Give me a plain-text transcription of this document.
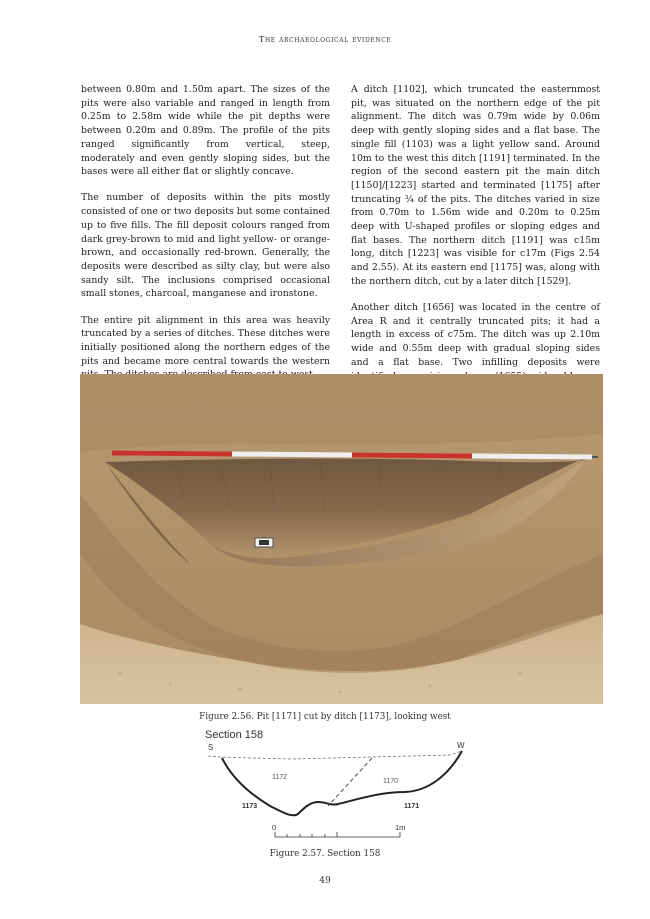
The archaeological evidence

between 0.80m and 1.50m apart. The sizes of the pits were also variable and ranged in length from 0.25m to 2.58m wide while the pit depths were between 0.20m and 0.89m. The profile of the pits ranged significantly from vertical, steep, moderately and even gently sloping sides, but the bases were all either flat or slightly concave.

The number of deposits within the pits mostly consisted of one or two deposits but some contained up to five fills. The fill deposit colours ranged from dark grey-brown to mid and light yellow- or orange-brown, and occasionally red-brown. Generally, the deposits were described as silty clay, but were also sandy silt. The inclusions comprised occasional small stones, charcoal, manganese and ironstone.

The entire pit alignment in this area was heavily truncated by a series of ditches. These ditches were initially positioned along the northern edges of the pits and became more central towards the western

A ditch [1102], which truncated the easternmost pit, was situated on the northern edge of the pit alignment. The ditch was 0.79m wide by 0.06m deep with gently sloping sides and a flat base. The single fill (1103) was a light yellow sand. Around 10m to the west this ditch [1191] terminated. In the region of the second eastern pit the main ditch [1150]/[1223] started and terminated [1175] after truncating ¾ of the pits. The ditches varied in size from 0.70m to 1.56m wide and 0.20m to 0.25m deep with U-shaped profiles or sloping edges and flat bases. The northern ditch [1191] was c15m long, ditch [1223] was visible for c17m (Figs 2.54 and 2.55). At its eastern end [1175] was, along with the northern ditch, cut by a later ditch [1529].

Another ditch [1656] was located in the centre of Area R and it centrally truncated pits; it had a length in excess of c75m. The ditch was up 2.10m wide and 0.55m deep with gradual sloping sides and a flat base. Two infilling deposits were

Figure 2.56. Pit [1171] cut by ditch [1173], looking west
Section 158
S	W
1172
1170
1173	1171
0	1m
Figure 2.57. Section 158
49
